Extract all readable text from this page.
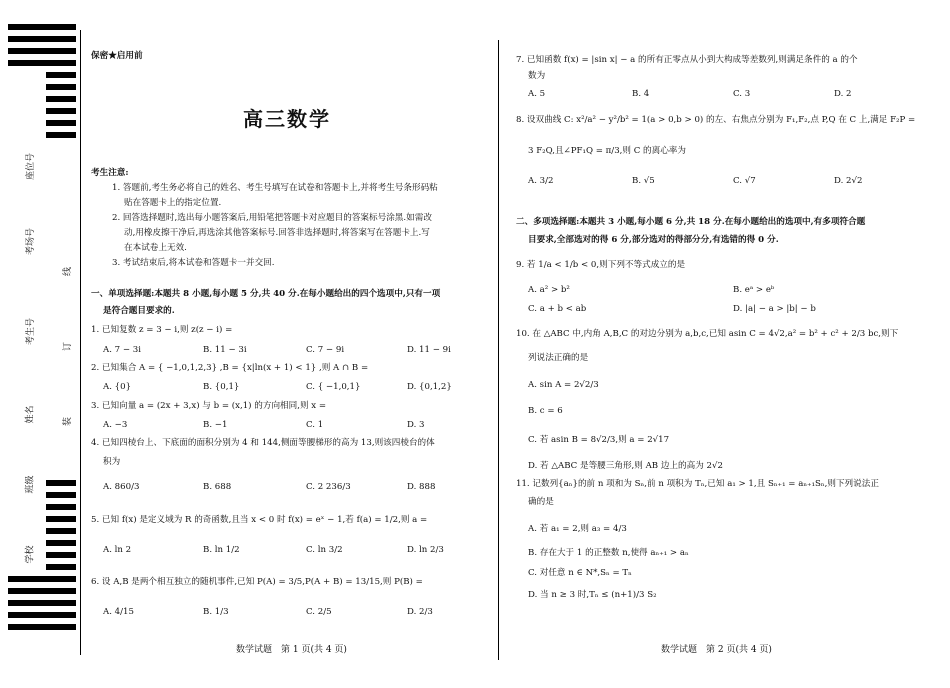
座位号
考场号
考生号
姓名
班级
学校
线
订
装
保密★启用前
高三数学
考生注意:
1. 答题前,考生务必将自己的姓名、考生号填写在试卷和答题卡上,并将考生号条形码粘
贴在答题卡上的指定位置.
2. 回答选择题时,选出每小题答案后,用铅笔把答题卡对应题目的答案标号涂黑.如需改
动,用橡皮擦干净后,再选涂其他答案标号.回答非选择题时,将答案写在答题卡上.写
在本试卷上无效.
3. 考试结束后,将本试卷和答题卡一并交回.
一、单项选择题:本题共 8 小题,每小题 5 分,共 40 分.在每小题给出的四个选项中,只有一项
是符合题目要求的.
1. 已知复数 z = 3 − i,则 z(z − i) =
A. 7 − 3i	B. 11 − 3i	C. 7 − 9i	D. 11 − 9i
2. 已知集合 A = { −1,0,1,2,3} ,B = {x|ln(x + 1) < 1} ,则 A ∩ B =
A. {0}	B. {0,1}	C. { −1,0,1}	D. {0,1,2}
3. 已知向量 a = (2x + 3,x) 与 b = (x,1) 的方向相同,则 x =
A. −3	B. −1	C. 1	D. 3
4. 已知四棱台上、下底面的面积分别为 4 和 144,侧面等腰梯形的高为 13,则该四棱台的体
积为
A. 860/3	B. 688	C. 2 236/3	D. 888
5. 已知 f(x) 是定义域为 R 的奇函数,且当 x < 0 时 f(x) = eˣ − 1,若 f(a) = 1/2,则 a =
A. ln 2	B. ln 1/2	C. ln 3/2	D. ln 2/3
6. 设 A,B 是两个相互独立的随机事件,已知 P(A) = 3/5,P(A + B) = 13/15,则 P(B) =
A. 4/15	B. 1/3	C. 2/5	D. 2/3
数学试题　第 1 页(共 4 页)
7. 已知函数 f(x) = |sin x| − a 的所有正零点从小到大构成等差数列,则满足条件的 a 的个
数为
A. 5	B. 4	C. 3	D. 2
8. 设双曲线 C: x²/a² − y²/b² = 1(a > 0,b > 0) 的左、右焦点分别为 F₁,F₂,点 P,Q 在 C 上,满足 F₂P =
3 F₂Q,且∠PF₁Q = π/3,则 C 的离心率为
A. 3/2	B. √5	C. √7	D. 2√2
二、多项选择题:本题共 3 小题,每小题 6 分,共 18 分.在每小题给出的选项中,有多项符合题
目要求,全部选对的得 6 分,部分选对的得部分分,有选错的得 0 分.
9. 若 1/a < 1/b < 0,则下列不等式成立的是
A. a² > b²	B. eᵃ > eᵇ
C. a + b < ab	D. |a| − a > |b| − b
10. 在 △ABC 中,内角 A,B,C 的对边分别为 a,b,c,已知 asin C = 4√2,a² = b² + c² + 2/3 bc,则下
列说法正确的是
A. sin A = 2√2/3
B. c = 6
C. 若 asin B = 8√2/3,则 a = 2√17
D. 若 △ABC 是等腰三角形,则 AB 边上的高为 2√2
11. 记数列{aₙ}的前 n 项和为 Sₙ,前 n 项积为 Tₙ,已知 a₁ > 1,且 Sₙ₊₁ = aₙ₊₁Sₙ,则下列说法正
确的是
A. 若 a₁ = 2,则 a₃ = 4/3
B. 存在大于 1 的正整数 n,使得 aₙ₊₁ > aₙ
C. 对任意 n ∈ N*,Sₙ = Tₙ
D. 当 n ≥ 3 时,Tₙ ≤ (n+1)/3 S₂
数学试题　第 2 页(共 4 页)
